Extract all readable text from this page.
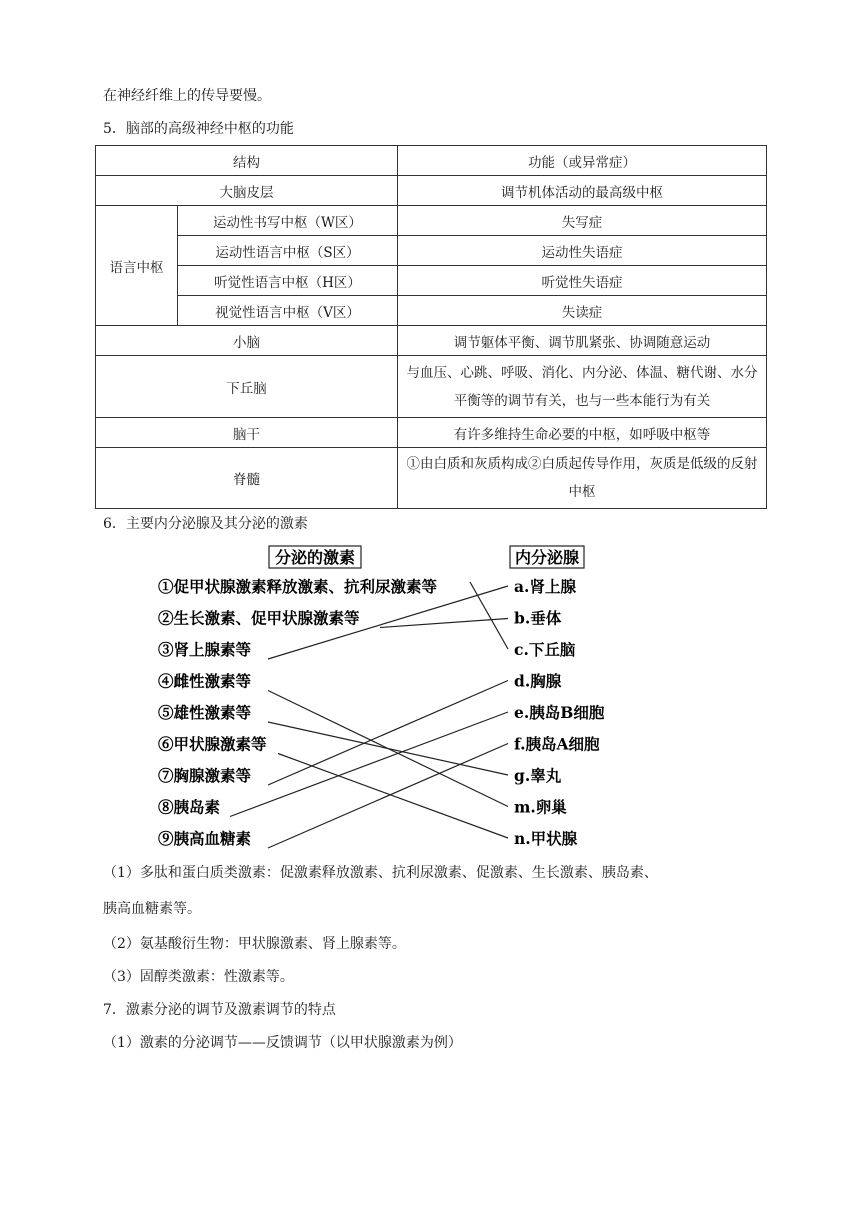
在神经纤维上的传导要慢。
5．脑部的高级神经中枢的功能
结构		功能（或异常症）
大脑皮层		调节机体活动的最高级中枢
语言中枢	运动性书写中枢（W区）	失写症
	运动性语言中枢（S区）	运动性失语症
	听觉性语言中枢（H区）	听觉性失语症
	视觉性语言中枢（V区）	失读症
小脑		调节躯体平衡、调节肌紧张、协调随意运动
下丘脑		与血压、心跳、呼吸、消化、内分泌、体温、糖代谢、水分平衡等的调节有关，也与一些本能行为有关
脑干		有许多维持生命必要的中枢，如呼吸中枢等
脊髓		①由白质和灰质构成②白质起传导作用，灰质是低级的反射中枢
6．主要内分泌腺及其分泌的激素
分泌的激素	内分泌腺
①促甲状腺激素释放激素、抗利尿激素等
②生长激素、促甲状腺激素等
③肾上腺素等
④雌性激素等
⑤雄性激素等
⑥甲状腺激素等
⑦胸腺激素等
⑧胰岛素
⑨胰高血糖素
a.肾上腺
b.垂体
c.下丘脑
d.胸腺
e.胰岛B细胞
f.胰岛A细胞
g.睾丸
m.卵巢
n.甲状腺
（1）多肽和蛋白质类激素：促激素释放激素、抗利尿激素、促激素、生长激素、胰岛素、
胰高血糖素等。
（2）氨基酸衍生物：甲状腺激素、肾上腺素等。
（3）固醇类激素：性激素等。
7．激素分泌的调节及激素调节的特点
（1）激素的分泌调节——反馈调节（以甲状腺激素为例）
